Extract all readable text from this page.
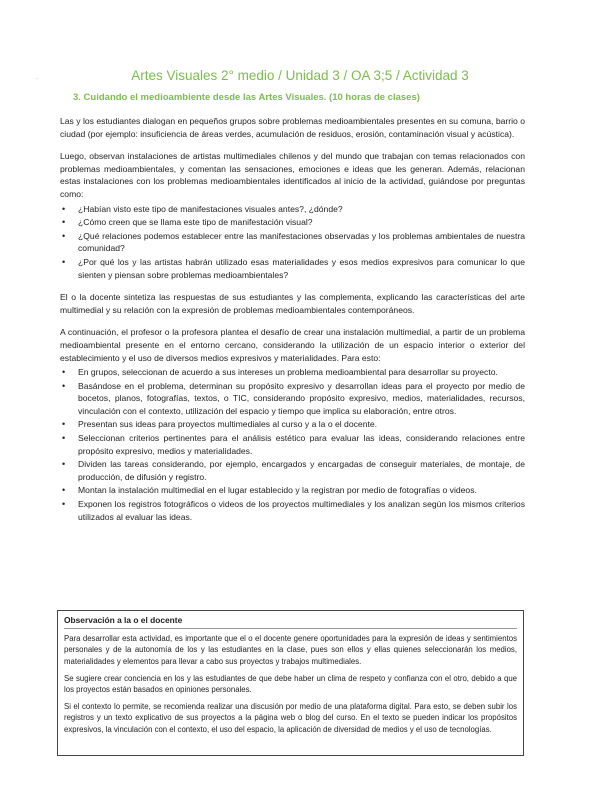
·	Artes Visuales 2° medio / Unidad 3 / OA 3;5 / Actividad 3
3. Cuidando el medioambiente desde las Artes Visuales. (10 horas de clases)

Las y los estudiantes dialogan en pequeños grupos sobre problemas medioambientales presentes en su comuna, barrio o ciudad (por ejemplo: insuficiencia de áreas verdes, acumulación de residuos, erosión, contaminación visual y acústica).

Luego, observan instalaciones de artistas multimediales chilenos y del mundo que trabajan con temas relacionados con problemas medioambientales, y comentan las sensaciones, emociones e ideas que les generan. Además, relacionan estas instalaciones con los problemas medioambientales identificados al inicio de la actividad, guiándose por preguntas como:

• ¿Habían visto este tipo de manifestaciones visuales antes?, ¿dónde?
• ¿Cómo creen que se llama este tipo de manifestación visual?
• ¿Qué relaciones podemos establecer entre las manifestaciones observadas y los problemas ambientales de nuestra comunidad?
• ¿Por qué los y las artistas habrán utilizado esas materialidades y esos medios expresivos para comunicar lo que sienten y piensan sobre problemas medioambientales?

El o la docente sintetiza las respuestas de sus estudiantes y las complementa, explicando las características del arte multimedial y su relación con la expresión de problemas medioambientales contemporáneos.

A continuación, el profesor o la profesora plantea el desafío de crear una instalación multimedial, a partir de un problema medioambiental presente en el entorno cercano, considerando la utilización de un espacio interior o exterior del establecimiento y el uso de diversos medios expresivos y materialidades. Para esto:

• En grupos, seleccionan de acuerdo a sus intereses un problema medioambiental para desarrollar su proyecto.
• Basándose en el problema, determinan su propósito expresivo y desarrollan ideas para el proyecto por medio de bocetos, planos, fotografías, textos, o TIC, considerando propósito expresivo, medios, materialidades, recursos, vinculación con el contexto, utilización del espacio y tiempo que implica su elaboración, entre otros.
• Presentan sus ideas para proyectos multimediales al curso y a la o el docente.
• Seleccionan criterios pertinentes para el análisis estético para evaluar las ideas, considerando relaciones entre propósito expresivo, medios y materialidades.
• Dividen las tareas considerando, por ejemplo, encargados y encargadas de conseguir materiales, de montaje, de producción, de difusión y registro.
• Montan la instalación multimedial en el lugar establecido y la registran por medio de fotografías o videos.
• Exponen los registros fotográficos o videos de los proyectos multimediales y los analizan según los mismos criterios utilizados al evaluar las ideas.
Observación a la o el docente

Para desarrollar esta actividad, es importante que el o el docente genere oportunidades para la expresión de ideas y sentimientos personales y de la autonomía de los y las estudiantes en la clase, pues son ellos y ellas quienes seleccionarán los medios, materialidades y elementos para llevar a cabo sus proyectos y trabajos multimediales.

Se sugiere crear conciencia en los y las estudiantes de que debe haber un clima de respeto y confianza con el otro, debido a que los proyectos están basados en opiniones personales.

Si el contexto lo permite, se recomienda realizar una discusión por medio de una plataforma digital. Para esto, se deben subir los registros y un texto explicativo de sus proyectos a la página web o blog del curso. En el texto se pueden indicar los propósitos expresivos, la vinculación con el contexto, el uso del espacio, la aplicación de diversidad de medios y el uso de tecnologías.
